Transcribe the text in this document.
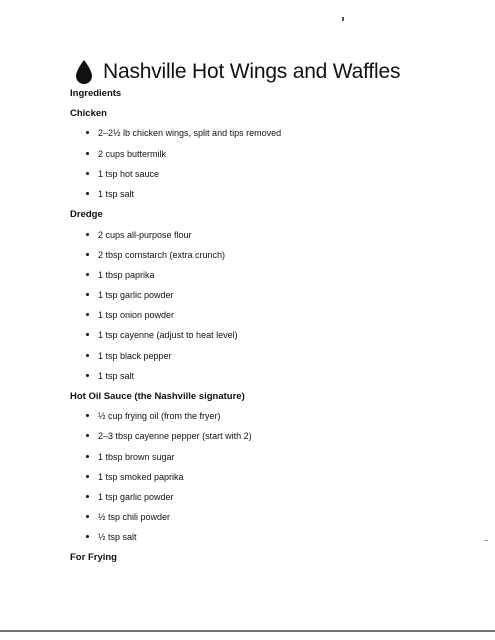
Nashville Hot Wings and Waffles
Ingredients
Chicken
2–2½ lb chicken wings, split and tips removed
2 cups buttermilk
1 tsp hot sauce
1 tsp salt
Dredge
2 cups all-purpose flour
2 tbsp cornstarch (extra crunch)
1 tbsp paprika
1 tsp garlic powder
1 tsp onion powder
1 tsp cayenne (adjust to heat level)
1 tsp black pepper
1 tsp salt
Hot Oil Sauce (the Nashville signature)
½ cup frying oil (from the fryer)
2–3 tbsp cayenne pepper (start with 2)
1 tbsp brown sugar
1 tsp smoked paprika
1 tsp garlic powder
½ tsp chili powder
½ tsp salt
For Frying
